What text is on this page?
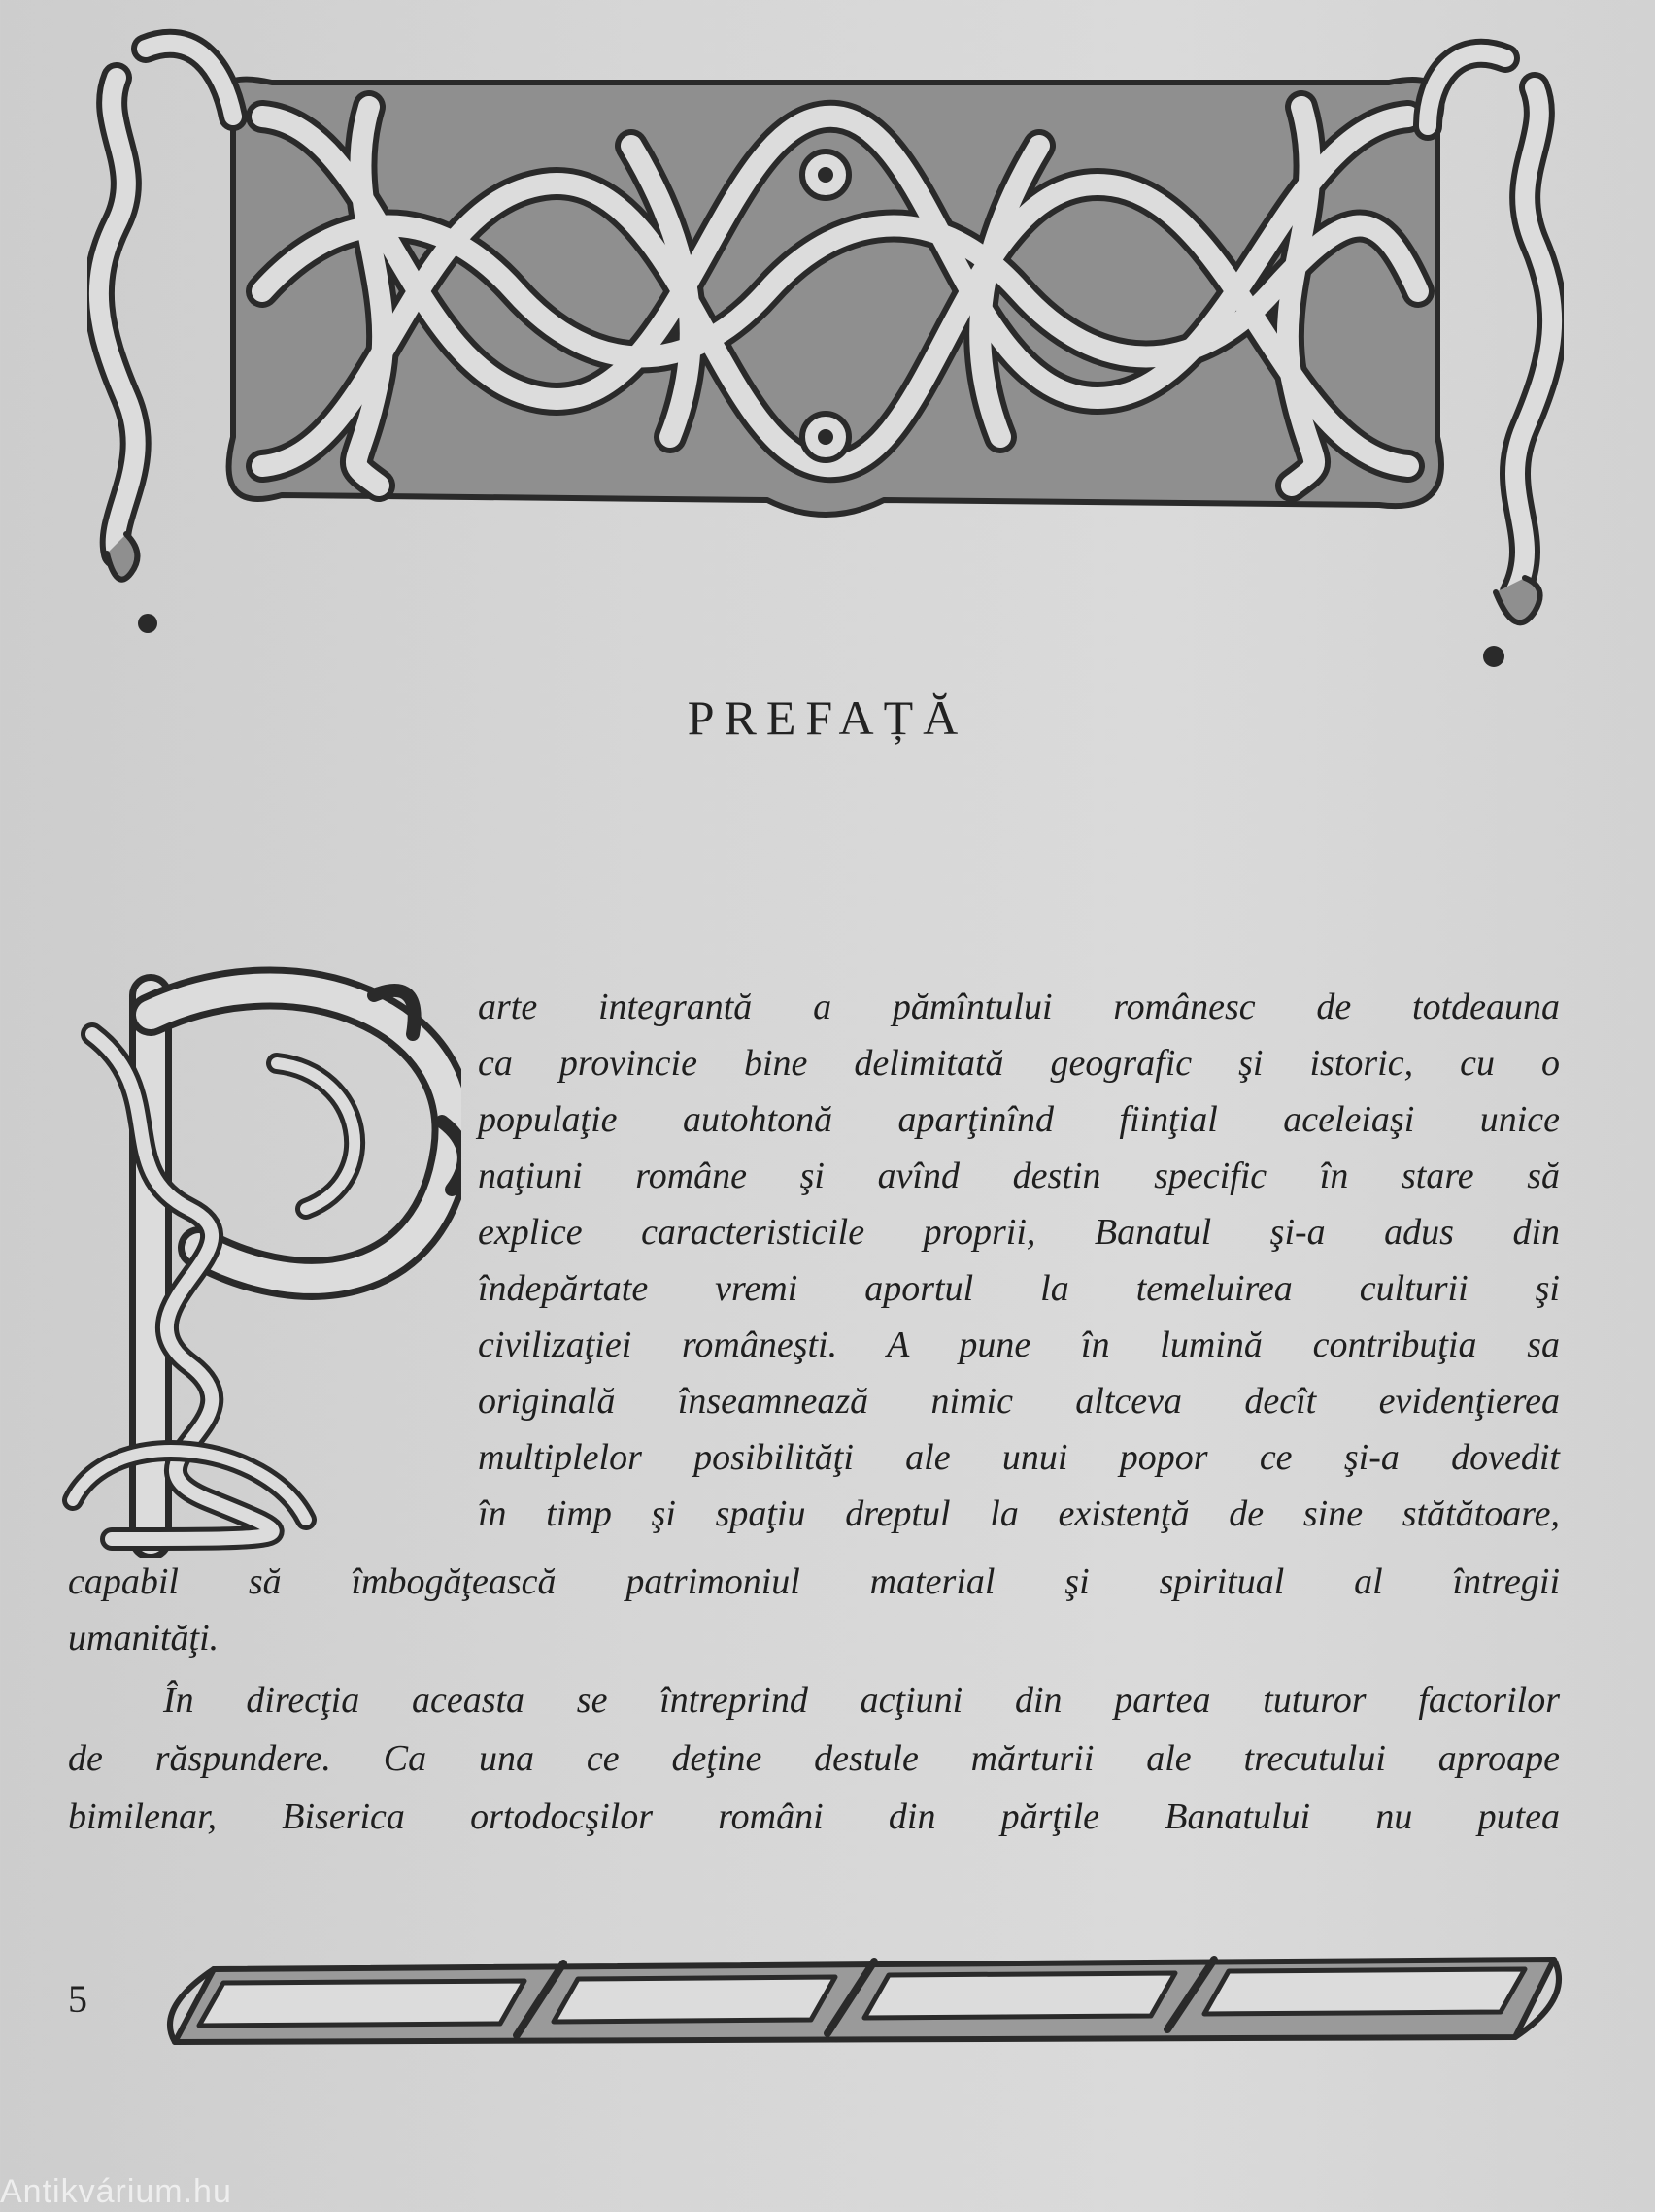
PREFAȚĂ
arte integrantă a pămîntului românesc de totdeauna
ca provincie bine delimitată geografic şi istoric, cu o
populaţie autohtonă aparţinînd fiinţial aceleiaşi unice
naţiuni române şi avînd destin specific în stare să
explice caracteristicile proprii, Banatul şi-a adus din
îndepărtate vremi aportul la temeluirea culturii şi
civilizaţiei româneşti. A pune în lumină contribuţia sa
originală înseamnează nimic altceva decît evidenţierea
multiplelor posibilităţi ale unui popor ce şi-a dovedit
în timp şi spaţiu dreptul la existenţă de sine stătătoare,
capabil să îmbogăţească patrimoniul material şi spiritual al întregii
umanităţi.
În direcţia aceasta se întreprind acţiuni din partea tuturor factorilor
de răspundere. Ca una ce deţine destule mărturii ale trecutului aproape
bimilenar, Biserica ortodocşilor români din părţile Banatului nu putea
5
Antikvárium.hu
